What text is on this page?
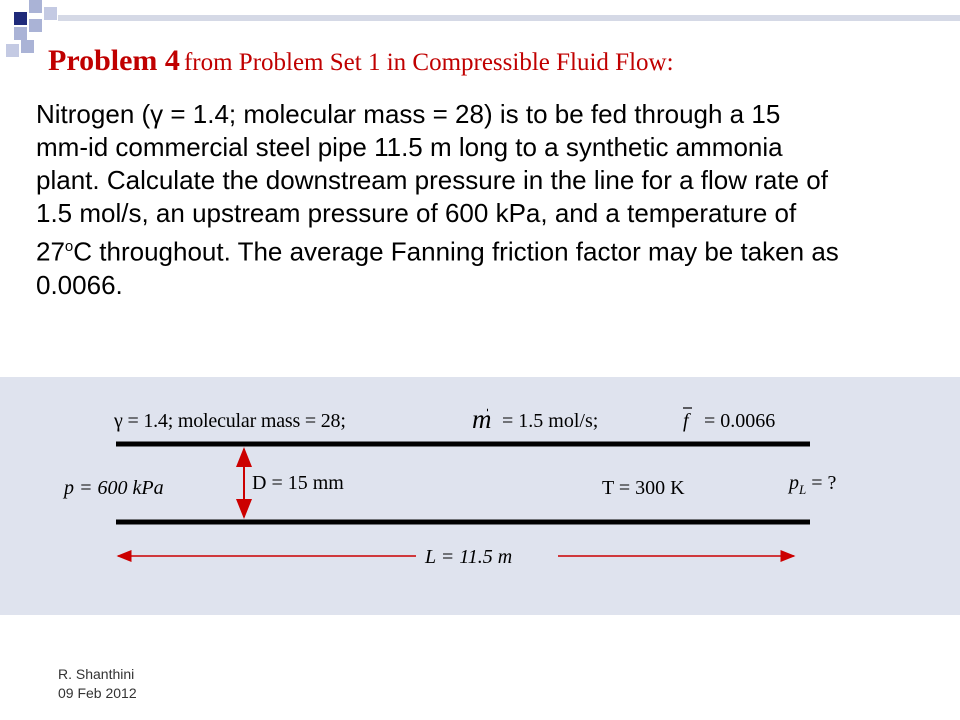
Problem 4 from Problem Set 1 in Compressible Fluid Flow:
Nitrogen (γ = 1.4; molecular mass = 28) is to be fed through a 15
mm-id commercial steel pipe 11.5 m long to a synthetic ammonia
plant. Calculate the downstream pressure in the line for a flow rate of
1.5 mol/s, an upstream pressure of 600 kPa, and a temperature of
27$^o$C throughout. The average Fanning friction factor may be taken as
0.0066.
γ = 1.4; molecular mass = 28;	m = 1.5 mol/s;	f = 0.0066
p = 600 kPa	D = 15 mm	T = 300 K	$p_L$ = ?
L = 11.5 m
R. Shanthini
09 Feb 2012
